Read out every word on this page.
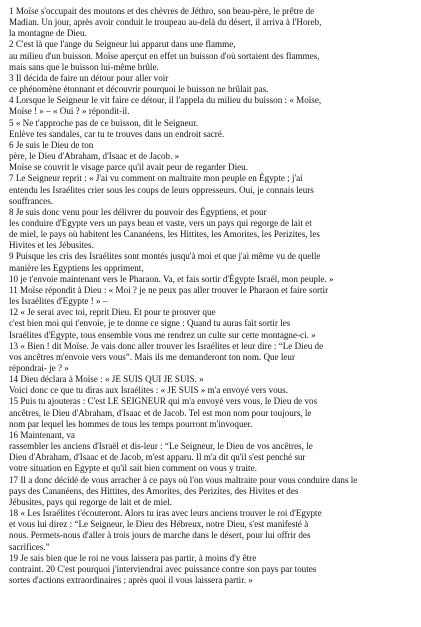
1 Moïse s'occupait des moutons et des chèvres de Jéthro, son beau-père, le prêtre de
Madian. Un jour, après avoir conduit le troupeau au-delà du désert, il arriva à l'Horeb,
la montagne de Dieu.
2 C'est là que l'ange du Seigneur lui apparut dans une flamme,
au milieu d'un buisson. Moïse aperçut en effet un buisson d'où sortaient des flammes,
mais sans que le buisson lui-même brûle.
3 Il décida de faire un détour pour aller voir
ce phénomène étonnant et découvrir pourquoi le buisson ne brûlait pas.
4 Lorsque le Seigneur le vit faire ce détour, il l'appela du milieu du buisson : « Moïse,
Moïse ! » – « Oui ? » répondit-il.
5 « Ne t'approche pas de ce buisson, dit le Seigneur.
Enlève tes sandales, car tu te trouves dans un endroit sacré.
6 Je suis le Dieu de ton
père, le Dieu d'Abraham, d'Isaac et de Jacob. »
Moïse se couvrit le visage parce qu'il avait peur de regarder Dieu.
7 Le Seigneur reprit : « J'ai vu comment on maltraite mon peuple en Égypte ; j'ai
entendu les Israélites crier sous les coups de leurs oppresseurs. Oui, je connais leurs
souffrances.
8 Je suis donc venu pour les délivrer du pouvoir des Égyptiens, et pour
les conduire d'Egypte vers un pays beau et vaste, vers un pays qui regorge de lait et
de miel, le pays où habitent les Cananéens, les Hittites, les Amorites, les Perizites, les
Hivites et les Jébusites.
9 Puisque les cris des Israélites sont montés jusqu'à moi et que j'ai même vu de quelle
manière les Egyptiens les oppriment,
10 je t'envoie maintenant vers le Pharaon. Va, et fais sortir d'Égypte Israël, mon peuple. »
11 Moïse répondit à Dieu : « Moi ? je ne peux pas aller trouver le Pharaon et faire sortir
les Israélites d'Egypte ! » –
12 « Je serai avec toi, reprit Dieu. Et pour te prouver que
c'est bien moi qui t'envoie, je te donne ce signe : Quand tu auras fait sortir les
Israélites d'Egypte, tous ensemble vous me rendrez un culte sur cette montagne-ci. »
13 « Bien ! dit Moïse. Je vais donc aller trouver les Israélites et leur dire : “Le Dieu de
vos ancêtres m'envoie vers vous”. Mais ils me demanderont ton nom. Que leur
répondrai- je ? »
14 Dieu déclara à Moïse : « JE SUIS QUI JE SUIS. »
Voici donc ce que tu diras aux Israélites : « JE SUIS » m'a envoyé vers vous.
15 Puis tu ajouteras : C'est LE SEIGNEUR qui m'a envoyé vers vous, le Dieu de vos
ancêtres, le Dieu d'Abraham, d'Isaac et de Jacob. Tel est mon nom pour toujours, le
nom par lequel les hommes de tous les temps pourront m'invoquer.
16 Maintenant, va
rassembler les anciens d'Israël et dis-leur : “Le Seigneur, le Dieu de vos ancêtres, le
Dieu d'Abraham, d'Isaac et de Jacob, m'est apparu. Il m'a dit qu'il s'est penché sur
votre situation en Egypte et qu'il sait bien comment on vous y traite.
17 Il a donc décidé de vous arracher à ce pays où l'on vous maltraite pour vous conduire dans le
pays des Cananéens, des Hittites, des Amorites, des Perizites, des Hivites et des
Jébusites, pays qui regorge de lait et de miel.
18 « Les Israélites t'écouteront. Alors tu iras avec leurs anciens trouver le roi d'Egypte
et vous lui direz : “Le Seigneur, le Dieu des Hébreux, notre Dieu, s'est manifesté à
nous. Permets-nous d'aller à trois jours de marche dans le désert, pour lui offrir des
sacrifices.”
19 Je sais bien que le roi ne vous laissera pas partir, à moins d'y être
contraint. 20 C'est pourquoi j'interviendrai avec puissance contre son pays par toutes
sortes d'actions extraordinaires ; après quoi il vous laissera partir. »
